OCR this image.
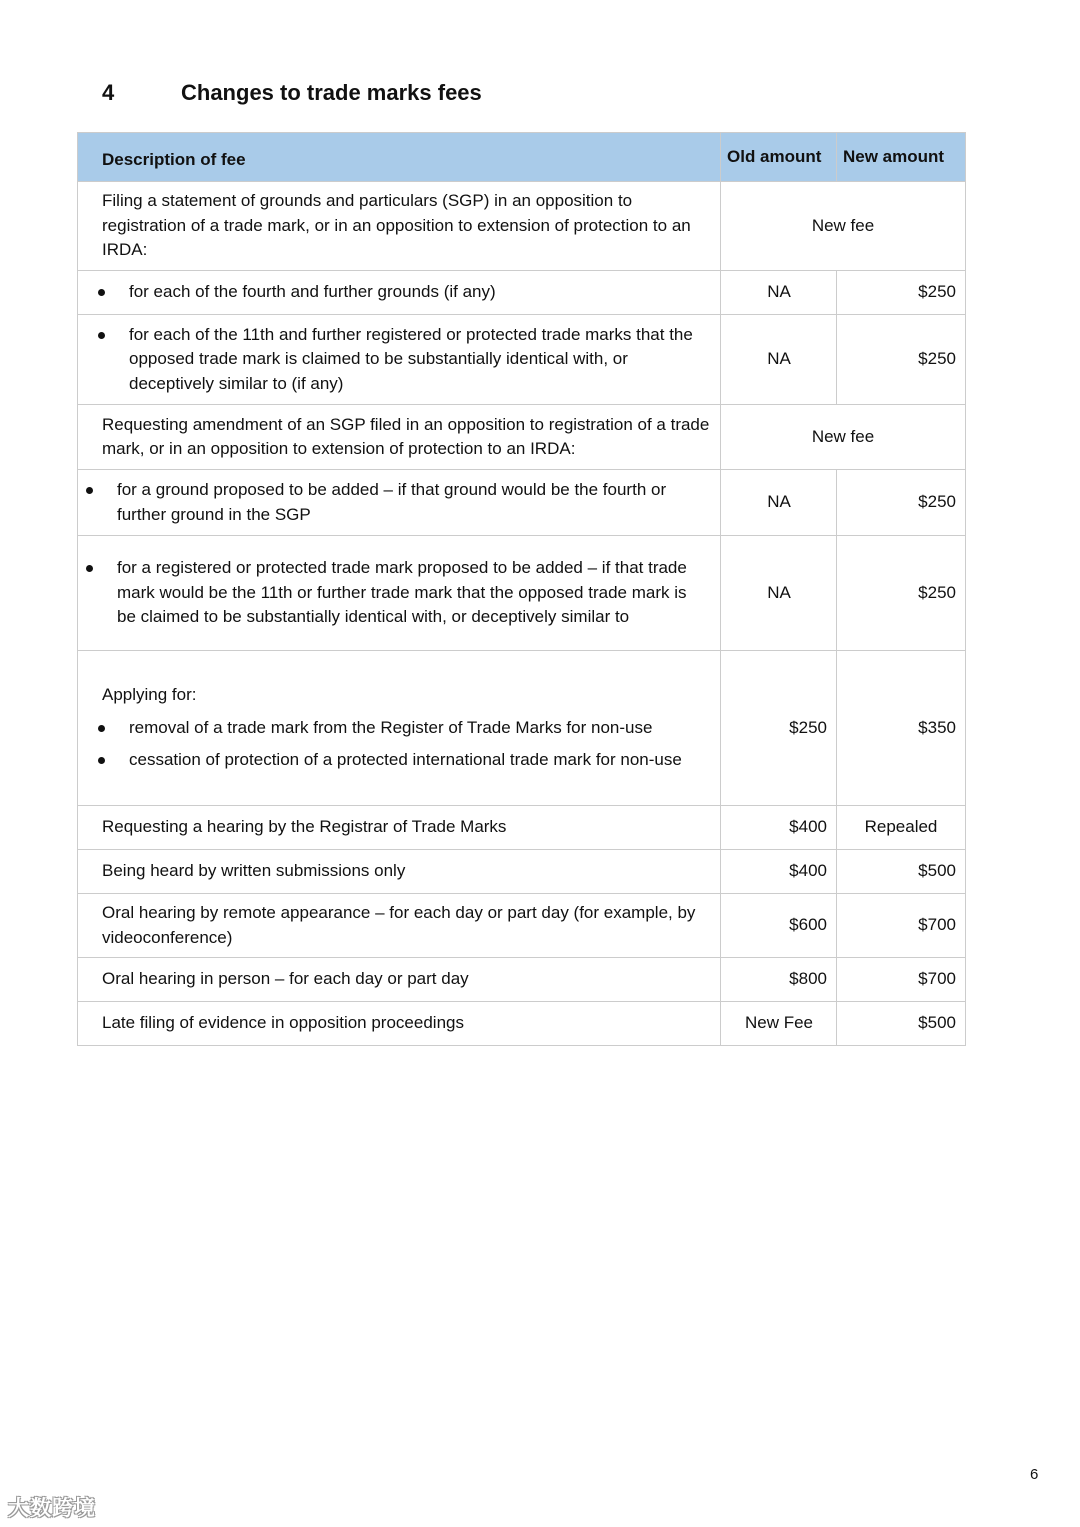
4	Changes to trade marks fees
Description of fee	Old amount	New amount
Filing a statement of grounds and particulars (SGP) in an opposition to registration of a trade mark, or in an opposition to extension of protection to an IRDA:	New fee	

for each of the fourth and further grounds (if any)	NA	$250

for each of the 11th and further registered or protected trade marks that the opposed trade mark is claimed to be substantially identical with, or deceptively similar to (if any)	NA	$250
Requesting amendment of an SGP filed in an opposition to registration of a trade mark, or in an opposition to extension of protection to an IRDA:	New fee	

for a ground proposed to be added – if that ground would be the fourth or further ground in the SGP	NA	$250

for a registered or protected trade mark proposed to be added – if that trade mark would be the 11th or further trade mark that the opposed trade mark is be claimed to be substantially identical with, or deceptively similar to	NA	$250

Applying for:
removal of a trade mark from the Register of Trade Marks for non-use
cessation of protection of a protected international trade mark for non-use	$250	$350
Requesting a hearing by the Registrar of Trade Marks	$400	Repealed
Being heard by written submissions only	$400	$500
Oral hearing by remote appearance – for each day or part day (for example, by videoconference)	$600	$700
Oral hearing in person – for each day or part day	$800	$700
Late filing of evidence in opposition proceedings	New Fee	$500
6
大数跨境
